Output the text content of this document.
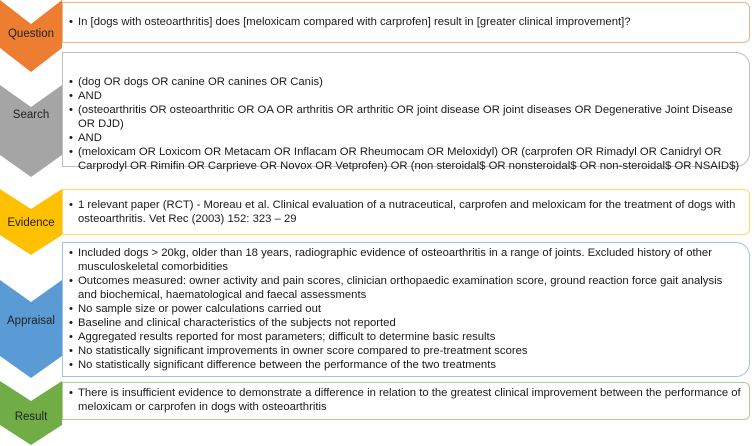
Question
• In [dogs with osteoarthritis] does [meloxicam compared with carprofen] result in [greater clinical improvement]?
Search
• (dog OR dogs OR canine OR canines OR Canis)
• AND
• (osteoarthritis OR osteoarthritic OR OA OR arthritis OR arthritic OR joint disease OR joint diseases OR Degenerative Joint Disease OR DJD)
• AND
• (meloxicam OR Loxicom OR Metacam OR Inflacam OR Rheumocam OR Meloxidyl) OR (carprofen OR Rimadyl OR Canidryl OR Carprodyl OR Rimifin OR Carprieve OR Novox OR Vetprofen) OR (non steroidal$ OR nonsteroidal$ OR non-steroidal$ OR NSAID$)
Evidence
• 1 relevant paper (RCT) - Moreau et al. Clinical evaluation of a nutraceutical, carprofen and meloxicam for the treatment of dogs with osteoarthritis. Vet Rec (2003) 152: 323 – 29
Appraisal
• Included dogs > 20kg, older than 18 years, radiographic evidence of osteoarthritis in a range of joints. Excluded history of other musculoskeletal comorbidities
• Outcomes measured: owner activity and pain scores, clinician orthopaedic examination score, ground reaction force gait analysis and biochemical, haematological and faecal assessments
• No sample size or power calculations carried out
• Baseline and clinical characteristics of the subjects not reported
• Aggregated results reported for most parameters; difficult to determine basic results
• No statistically significant improvements in owner score compared to pre-treatment scores
• No statistically significant difference between the performance of the two treatments
Result
• There is insufficient evidence to demonstrate a difference in relation to the greatest clinical improvement between the performance of meloxicam or carprofen in dogs with osteoarthritis
